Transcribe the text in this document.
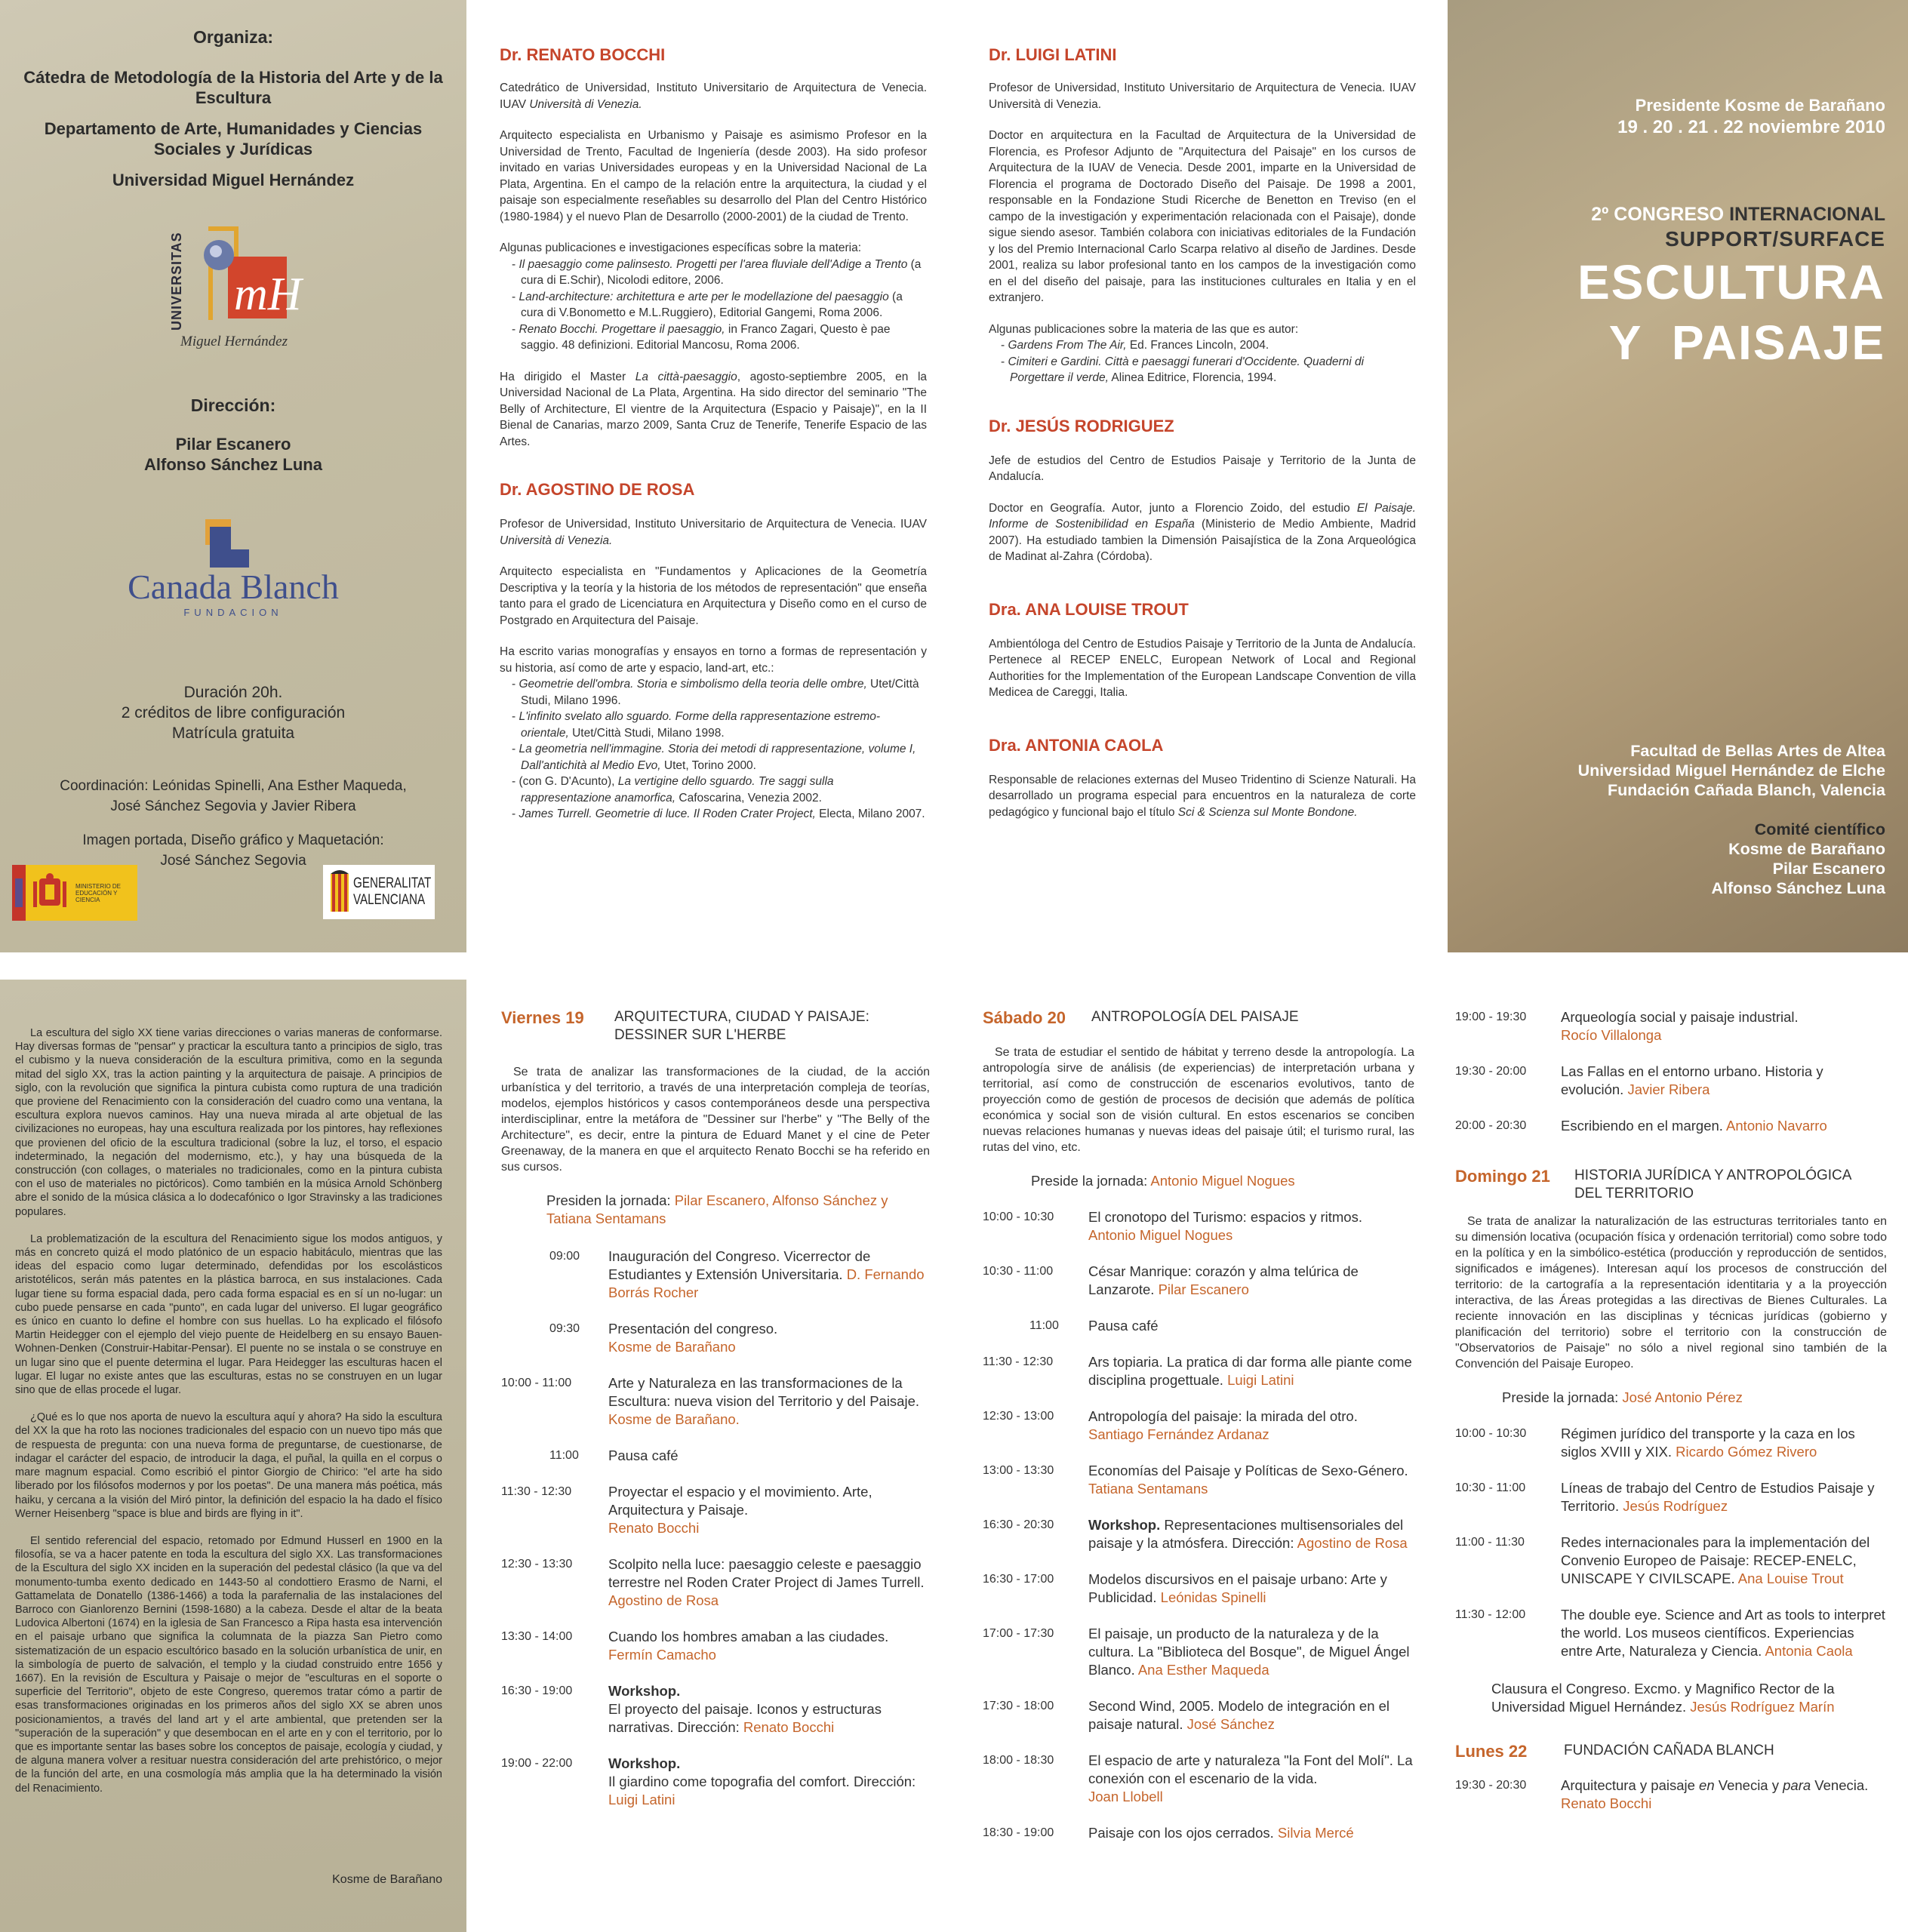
Organiza:
Cátedra de Metodología de la Historia del Arte y de la Escultura
Departamento de Arte, Humanidades y Ciencias Sociales y Jurídicas
Universidad Miguel Hernández
mH
UNIVERSITAS
Miguel Hernández
Dirección:
Pilar Escanero
Alfonso Sánchez Luna
Canada Blanch
FUNDACION
Duración 20h.
2 créditos de libre configuración
Matrícula gratuita
Coordinación: Leónidas Spinelli, Ana Esther Maqueda,
José Sánchez Segovia y Javier Ribera
Imagen portada, Diseño gráfico y Maquetación:
José Sánchez Segovia
MINISTERIO DE EDUCACIÓN Y CIENCIA
GENERALITAT
VALENCIANA
Dr. RENATO BOCCHI

Catedrático de Universidad, Instituto Universitario de Arquitectura de Venecia. IUAV Università di Venezia.

Arquitecto especialista en Urbanismo y Paisaje es asimismo Profesor en la Universidad de Trento, Facultad de Ingeniería (desde 2003). Ha sido profesor invitado en varias Universidades europeas y en la Universidad Nacional de La Plata, Argentina. En el campo de la relación entre la arquitectura, la ciudad y el paisaje son especialmente reseñables su desarrollo del Plan del Centro Histórico (1980-1984) y el nuevo Plan de Desarrollo (2000-2001) de la ciudad de Trento.

Algunas publicaciones e investigaciones específicas sobre la materia:

- Il paesaggio come palinsesto. Progetti per l'area fluviale dell'Adige a Trento (a cura di E.Schir), Nicolodi editore, 2006.
- Land-architecture: architettura e arte per le modellazione del paesaggio (a cura di V.Bonometto e M.L.Ruggiero), Editorial Gangemi, Roma 2006.
- Renato Bocchi. Progettare il paesaggio, in Franco Zagari, Questo è pae saggio. 48 definizioni. Editorial Mancosu, Roma 2006.

Ha dirigido el Master La città-paesaggio, agosto-septiembre 2005, en la Universidad Nacional de La Plata, Argentina. Ha sido director del seminario "The Belly of Architecture, El vientre de la Arquitectura (Espacio y Paisaje)", en la II Bienal de Canarias, marzo 2009, Santa Cruz de Tenerife, Tenerife Espacio de las Artes.

Dr. AGOSTINO DE ROSA

Profesor de Universidad, Instituto Universitario de Arquitectura de Venecia. IUAV Università di Venezia.

Arquitecto especialista en "Fundamentos y Aplicaciones de la Geometría Descriptiva y la teoría y la historia de los métodos de representación" que enseña tanto para el grado de Licenciatura en Arquitectura y Diseño como en el curso de Postgrado en Arquitectura del Paisaje.

Ha escrito varias monografías y ensayos en torno a formas de representación y su historia, así como de arte y espacio, land-art, etc.:

- Geometrie dell'ombra. Storia e simbolismo della teoria delle ombre, Utet/Città Studi, Milano 1996.
- L'infinito svelato allo sguardo. Forme della rappresentazione estremo-orientale, Utet/Città Studi, Milano 1998.
- La geometria nell'immagine. Storia dei metodi di rappresentazione, volume I, Dall'antichità al Medio Evo, Utet, Torino 2000.
- (con G. D'Acunto), La vertigine dello sguardo. Tre saggi sulla rappresentazione anamorfica, Cafoscarina, Venezia 2002.
- James Turrell. Geometrie di luce. Il Roden Crater Project, Electa, Milano 2007.
Dr. LUIGI LATINI

Profesor de Universidad, Instituto Universitario de Arquitectura de Venecia. IUAV Università di Venezia.

Doctor en arquitectura en la Facultad de Arquitectura de la Universidad de Florencia, es Profesor Adjunto de "Arquitectura del Paisaje" en los cursos de Arquitectura de la IUAV de Venecia. Desde 2001, imparte en la Universidad de Florencia el programa de Doctorado Diseño del Paisaje. De 1998 a 2001, responsable en la Fondazione Studi Ricerche de Benetton en Treviso (en el campo de la investigación y experimentación relacionada con el Paisaje), donde sigue siendo asesor. También colabora con iniciativas editoriales de la Fundación y los del Premio Internacional Carlo Scarpa relativo al diseño de Jardines. Desde 2001, realiza su labor profesional tanto en los campos de la investigación como en el del diseño del paisaje, para las instituciones culturales en Italia y en el extranjero.

Algunas publicaciones sobre la materia de las que es autor:

- Gardens From The Air, Ed. Frances Lincoln, 2004.
- Cimiteri e Gardini. Città e paesaggi funerari d'Occidente. Quaderni di Porgettare il verde, Alinea Editrice, Florencia, 1994.
Dr. JESÚS RODRIGUEZ

Jefe de estudios del Centro de Estudios Paisaje y Territorio de la Junta de Andalucía.

Doctor en Geografía. Autor, junto a Florencio Zoido, del estudio El Paisaje. Informe de Sostenibilidad en España (Ministerio de Medio Ambiente, Madrid 2007). Ha estudiado tambien la Dimensión Paisajística de la Zona Arqueológica de Madinat al-Zahra (Córdoba).

Dra. ANA LOUISE TROUT

Ambientóloga del Centro de Estudios Paisaje y Territorio de la Junta de Andalucía. Pertenece al RECEP ENELC, European Network of Local and Regional Authorities for the Implementation of the European Landscape Convention de villa Medicea de Careggi, Italia.

Dra. ANTONIA CAOLA

Responsable de relaciones externas del Museo Tridentino di Scienze Naturali. Ha desarrollado un programa especial para encuentros en la naturaleza de corte pedagógico y funcional bajo el título Sci & Scienza sul Monte Bondone.

Presidente Kosme de Barañano
19 . 20 . 21 . 22 noviembre 2010
2º CONGRESO INTERNACIONAL
SUPPORT/SURFACE
ESCULTURA
Y  PAISAJE
Facultad de Bellas Artes de Altea
Universidad Miguel Hernández de Elche
Fundación Cañada Blanch, Valencia
Comité científico
Kosme de Barañano
Pilar Escanero
Alfonso Sánchez Luna

La escultura del siglo XX tiene varias direcciones o varias maneras de conformarse. Hay diversas formas de "pensar" y practicar la escultura tanto a principios de siglo, tras el cubismo y la nueva consideración de la escultura primitiva, como en la segunda mitad del siglo XX, tras la action painting y la arquitectura de paisaje. A principios de siglo, con la revolución que significa la pintura cubista como ruptura de una tradición que proviene del Renacimiento con la consideración del cuadro como una ventana, la escultura explora nuevos caminos. Hay una nueva mirada al arte objetual de las civilizaciones no europeas, hay una escultura realizada por los pintores, hay reflexiones que provienen del oficio de la escultura tradicional (sobre la luz, el torso, el espacio indeterminado, la negación del modernismo, etc.), y hay una búsqueda de la construcción (con collages, o materiales no tradicionales, como en la pintura cubista con el uso de materiales no pictóricos). Como también en la música Arnold Schönberg abre el sonido de la música clásica a lo dodecafónico o Igor Stravinsky a las tradiciones populares.

La problematización de la escultura del Renacimiento sigue los modos antiguos, y más en concreto quizá el modo platónico de un espacio habitáculo, mientras que las ideas del espacio como lugar determinado, defendidas por los escolásticos aristotélicos, serán más patentes en la plástica barroca, en sus instalaciones. Cada lugar tiene su forma espacial dada, pero cada forma espacial es en sí un no-lugar: un cubo puede pensarse en cada "punto", en cada lugar del universo. El lugar geográfico es único en cuanto lo define el hombre con sus huellas. Lo ha explicado el filósofo Martin Heidegger con el ejemplo del viejo puente de Heidelberg en su ensayo Bauen-Wohnen-Denken (Construir-Habitar-Pensar). El puente no se instala o se construye en un lugar sino que el puente determina el lugar. Para Heidegger las esculturas hacen el lugar. El lugar no existe antes que las esculturas, estas no se construyen en un lugar sino que de ellas procede el lugar.

¿Qué es lo que nos aporta de nuevo la escultura aquí y ahora? Ha sido la escultura del XX la que ha roto las nociones tradicionales del espacio con un nuevo tipo más que de respuesta de pregunta: con una nueva forma de preguntarse, de cuestionarse, de indagar el carácter del espacio, de introducir la daga, el puñal, la quilla en el corpus o mare magnum espacial. Como escribió el pintor Giorgio de Chirico: "el arte ha sido liberado por los filósofos modernos y por los poetas". De una manera más poética, más haiku, y cercana a la visión del Miró pintor, la definición del espacio la ha dado el físico Werner Heisenberg "space is blue and birds are flying in it".

El sentido referencial del espacio, retomado por Edmund Husserl en 1900 en la filosofía, se va a hacer patente en toda la escultura del siglo XX. Las transformaciones de la Escultura del siglo XX inciden en la superación del pedestal clásico (la que va del monumento-tumba exento dedicado en 1443-50 al condottiero Erasmo de Narni, el Gattamelata de Donatello (1386-1466) a toda la parafernalia de las instalaciones del Barroco con Gianlorenzo Bernini (1598-1680) a la cabeza. Desde el altar de la beata Ludovica Albertoni (1674) en la iglesia de San Francesco a Ripa hasta esa intervención en el paisaje urbano que significa la columnata de la piazza San Pietro como sistematización de un espacio escultórico basado en la solución urbanística de unir, en la simbología de puerto de salvación, el templo y la ciudad construido entre 1656 y 1667). En la revisión de Escultura y Paisaje o mejor de "esculturas en el soporte o superficie del Territorio", objeto de este Congreso, queremos tratar cómo a partir de esas transformaciones originadas en los primeros años del siglo XX se abren unos posicionamientos, a través del land art y el arte ambiental, que pretenden ser la "superación de la superación" y que desembocan en el arte en y con el territorio, por lo que es importante sentar las bases sobre los conceptos de paisaje, ecología y ciudad, y de alguna manera volver a resituar nuestra consideración del arte prehistórico, o mejor de la función del arte, en una cosmología más amplia que la ha determinado la visión del Renacimiento.

Kosme de Barañano
Viernes 19	ARQUITECTURA, CIUDAD Y PAISAJE:
DESSINER SUR L'HERBE

Se trata de analizar las transformaciones de la ciudad, de la acción urbanística y del territorio, a través de una interpretación compleja de teorías, modelos, ejemplos históricos y casos contemporáneos desde una perspectiva interdisciplinar, entre la metáfora de "Dessiner sur l'herbe" y "The Belly of the Architecture", es decir, entre la pintura de Eduard Manet y el cine de Peter Greenaway, de la manera en que el arquitecto Renato Bocchi se ha referido en sus cursos.

Presiden la jornada: Pilar Escanero, Alfonso Sánchez y Tatiana Sentamans
09:00	Inauguración del Congreso. Vicerrector de Estudiantes y Extensión Universitaria. D. Fernando Borrás Rocher
09:30	Presentación del congreso.
Kosme de Barañano
10:00 - 11:00	Arte y Naturaleza en las transformaciones de la Escultura: nueva vision del Territorio y del Paisaje.
Kosme de Barañano.
11:00	Pausa café
11:30 - 12:30	Proyectar el espacio y el movimiento. Arte, Arquitectura y Paisaje.
Renato Bocchi
12:30 - 13:30	Scolpito nella luce: paesaggio celeste e paesaggio terrestre nel Roden Crater Project di James Turrell.
Agostino de Rosa
13:30 - 14:00	Cuando los hombres amaban a las ciudades.
Fermín Camacho
16:30 - 19:00	Workshop.
El proyecto del paisaje. Iconos y estructuras narrativas. Dirección: Renato Bocchi
19:00 - 22:00	Workshop.
Il giardino come topografia del comfort. Dirección: Luigi Latini
Sábado 20	ANTROPOLOGÍA DEL PAISAJE

Se trata de estudiar el sentido de hábitat y terreno desde la antropología. La antropología sirve de análisis (de experiencias) de interpretación urbana y territorial, así como de construcción de escenarios evolutivos, tanto de proyección como de gestión de procesos de decisión que además de política económica y social son de visión cultural. En estos escenarios se conciben nuevas relaciones humanas y nuevas ideas del paisaje útil; el turismo rural, las rutas del vino, etc.

Preside la jornada: Antonio Miguel Nogues
10:00 - 10:30	El cronotopo del Turismo: espacios y ritmos.
Antonio Miguel Nogues
10:30 - 11:00	César Manrique: corazón y alma telúrica de Lanzarote. Pilar Escanero
11:00	Pausa café
11:30 - 12:30	Ars topiaria. La pratica di dar forma alle piante come disciplina progettuale. Luigi Latini
12:30 - 13:00	Antropología del paisaje: la mirada del otro.
Santiago Fernández Ardanaz
13:00 - 13:30	Economías del Paisaje y Políticas de Sexo-Género. Tatiana Sentamans
16:30 - 20:30	Workshop. Representaciones multisensoriales del paisaje y la atmósfera. Dirección: Agostino de Rosa
16:30 - 17:00	Modelos discursivos en el paisaje urbano: Arte y Publicidad. Leónidas Spinelli
17:00 - 17:30	El paisaje, un producto de la naturaleza y de la cultura. La "Biblioteca del Bosque", de Miguel Ángel Blanco. Ana Esther Maqueda
17:30 - 18:00	Second Wind, 2005. Modelo de integración en el paisaje natural. José Sánchez
18:00 - 18:30	El espacio de arte y naturaleza "la Font del Molí". La conexión con el escenario de la vida.
Joan Llobell
18:30 - 19:00	Paisaje con los ojos cerrados. Silvia Mercé
19:00 - 19:30	Arqueología social y paisaje industrial.
Rocío Villalonga
19:30 - 20:00	Las Fallas en el entorno urbano. Historia y evolución. Javier Ribera
20:00 - 20:30	Escribiendo en el margen. Antonio Navarro
Domingo 21	HISTORIA JURÍDICA Y ANTROPOLÓGICA
DEL TERRITORIO

Se trata de analizar la naturalización de las estructuras territoriales tanto en su dimensión locativa (ocupación física y ordenación territorial) como sobre todo en la política y en la simbólico-estética (producción y reproducción de sentidos, significados e imágenes). Interesan aquí los procesos de construcción del territorio: de la cartografía a la representación identitaria y a la proyección interactiva, de las Áreas protegidas a las directivas de Bienes Culturales. La reciente innovación en las disciplinas y técnicas jurídicas (gobierno y planificación del territorio) sobre el territorio con la construcción de "Observatorios de Paisaje" no sólo a nivel regional sino también de la Convención del Paisaje Europeo.

Preside la jornada: José Antonio Pérez
10:00 - 10:30	Régimen jurídico del transporte y la caza en los siglos XVIII y XIX. Ricardo Gómez Rivero
10:30 - 11:00	Líneas de trabajo del Centro de Estudios Paisaje y Territorio. Jesús Rodríguez
11:00 - 11:30	Redes internacionales para la implementación del Convenio Europeo de Paisaje: RECEP-ENELC, UNISCAPE Y CIVILSCAPE. Ana Louise Trout
11:30 - 12:00	The double eye. Science and Art as tools to interpret the world. Los museos científicos. Experiencias entre Arte, Naturaleza y Ciencia. Antonia Caola
Clausura el Congreso. Excmo. y Magnifico Rector de la Universidad Miguel Hernández. Jesús Rodríguez Marín
Lunes 22	FUNDACIÓN CAÑADA BLANCH
19:30 - 20:30	Arquitectura y paisaje en Venecia y para Venecia. Renato Bocchi
